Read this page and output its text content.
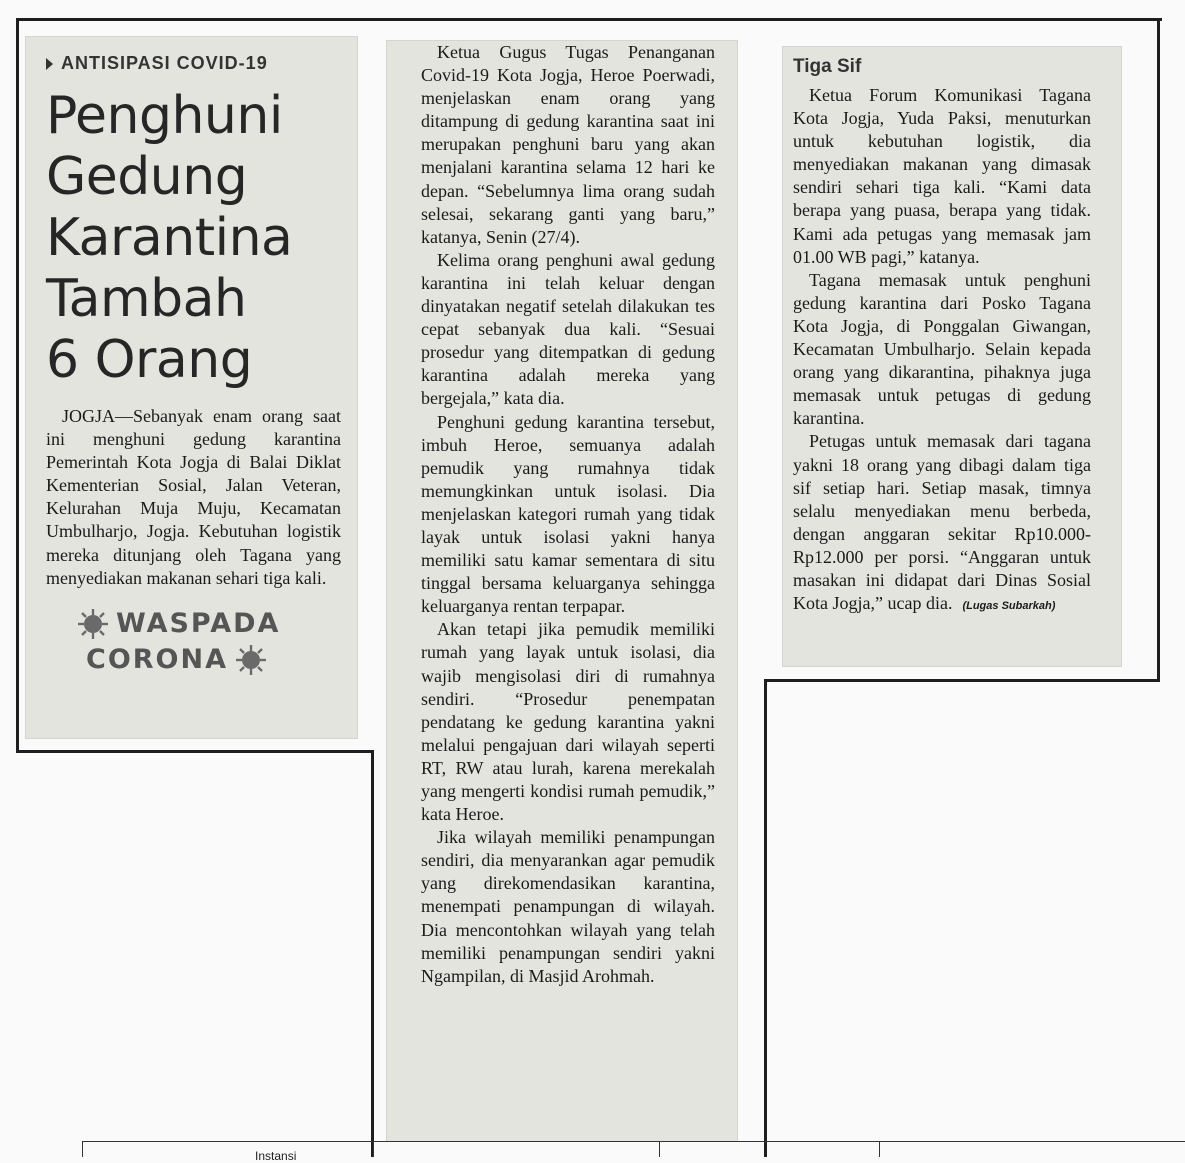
ANTISIPASI COVID-19
Penghuni
Gedung
Karantina
Tambah
6 Orang

JOGJA—Sebanyak enam orang saat ini menghuni gedung karantina Pemerintah Kota Jogja di Balai Diklat Kementerian Sosial, Jalan Veteran, Kelurahan Muja Muju, Kecamatan Umbulharjo, Jogja. Kebutuhan logistik mereka ditunjang oleh Tagana yang menyediakan makanan sehari tiga kali.

WASPADA
CORONA

Ketua Gugus Tugas Penanganan Covid-19 Kota Jogja, Heroe Poerwadi, menjelaskan enam orang yang ditampung di gedung karantina saat ini merupakan penghuni baru yang akan menjalani karantina selama 12 hari ke depan. “Sebelumnya lima orang sudah selesai, sekarang ganti yang baru,” katanya, Senin (27/4).

Kelima orang penghuni awal gedung karantina ini telah keluar dengan dinyatakan negatif setelah dilakukan tes cepat sebanyak dua kali. “Sesuai prosedur yang ditempatkan di gedung karantina adalah mereka yang bergejala,” kata dia.

Penghuni gedung karantina tersebut, imbuh Heroe, semuanya adalah pemudik yang rumahnya tidak memungkinkan untuk isolasi. Dia menjelaskan kategori rumah yang tidak layak untuk isolasi yakni hanya memiliki satu kamar sementara di situ tinggal bersama keluarganya sehingga keluarganya rentan terpapar.

Akan tetapi jika pemudik memiliki rumah yang layak untuk isolasi, dia wajib mengisolasi diri di rumahnya sendiri. “Prosedur penempatan pendatang ke gedung karantina yakni melalui pengajuan dari wilayah seperti RT, RW atau lurah, karena merekalah yang mengerti kondisi rumah pemudik,” kata Heroe.

Jika wilayah memiliki penampungan sendiri, dia menyarankan agar pemudik yang direkomendasikan karantina, menempati penampungan di wilayah. Dia mencontohkan wilayah yang telah memiliki penampungan sendiri yakni Ngampilan, di Masjid Arohmah.

Tiga Sif

Ketua Forum Komunikasi Tagana Kota Jogja, Yuda Paksi, menuturkan untuk kebutuhan logistik, dia menyediakan makanan yang dimasak sendiri sehari tiga kali. “Kami data berapa yang puasa, berapa yang tidak. Kami ada petugas yang memasak jam 01.00 WB pagi,” katanya.

Tagana memasak untuk penghuni gedung karantina dari Posko Tagana Kota Jogja, di Ponggalan Giwangan, Kecamatan Umbulharjo. Selain kepada orang yang dikarantina, pihaknya juga memasak untuk petugas di gedung karantina.

Petugas untuk memasak dari tagana yakni 18 orang yang dibagi dalam tiga sif setiap hari. Setiap masak, timnya selalu menyediakan menu berbeda, dengan anggaran sekitar Rp10.000-Rp12.000 per porsi. “Anggaran untuk masakan ini didapat dari Dinas Sosial Kota Jogja,” ucap dia. (Lugas Subarkah)

Instansi
